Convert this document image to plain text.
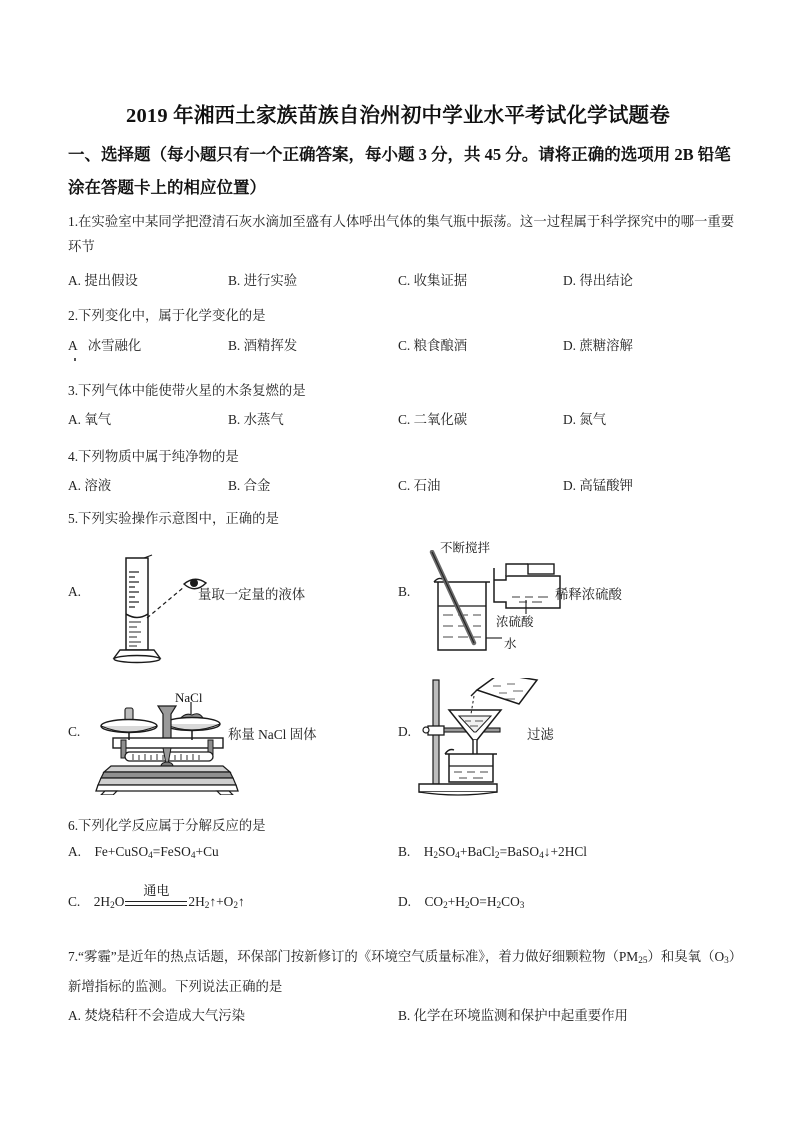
2019 年湘西土家族苗族自治州初中学业水平考试化学试题卷
一、选择题（每小题只有一个正确答案，每小题 3 分，共 45 分。请将正确的选项用 2B 铅笔涂在答题卡上的相应位置）
1.在实验室中某同学把澄清石灰水滴加至盛有人体呼出气体的集气瓶中振荡。这一过程属于科学探究中的哪一重要环节
A. 提出假设	B. 进行实验	C. 收集证据	D. 得出结论
2.下列变化中，属于化学变化的是
A 冰雪融化	B. 酒精挥发	C. 粮食酿酒	D. 蔗糖溶解
3.下列气体中能使带火星的木条复燃的是
A. 氧气	B. 水蒸气	C. 二氧化碳	D. 氮气
4.下列物质中属于纯净物的是
A. 溶液	B. 合金	C. 石油	D. 高锰酸钾
5.下列实验操作示意图中，正确的是
A.	量取一定量的液体	B.
不断搅拌
浓硫酸
水
稀释浓硫酸
C.
NaCl
称量 NaCl 固体	D.	过滤
6.下列化学反应属于分解反应的是
A. Fe+CuSO$_4$=FeSO$_4$+Cu	B. $H_2SO_4+BaCl_2=BaSO_4↓+2HCl$
C. $2H_2O$
通电
$2H_2↑+O_2↑$	D. $CO_2+H_2O=H_2CO_3$
7.“雾霾”是近年的热点话题，环保部门按新修订的《环境空气质量标准》，着力做好细颗粒物$(PM_{25})$和臭氧$(O_3)$新增指标的监测。下列说法正确的是
A. 焚烧秸秆不会造成大气污染	B. 化学在环境监测和保护中起重要作用
